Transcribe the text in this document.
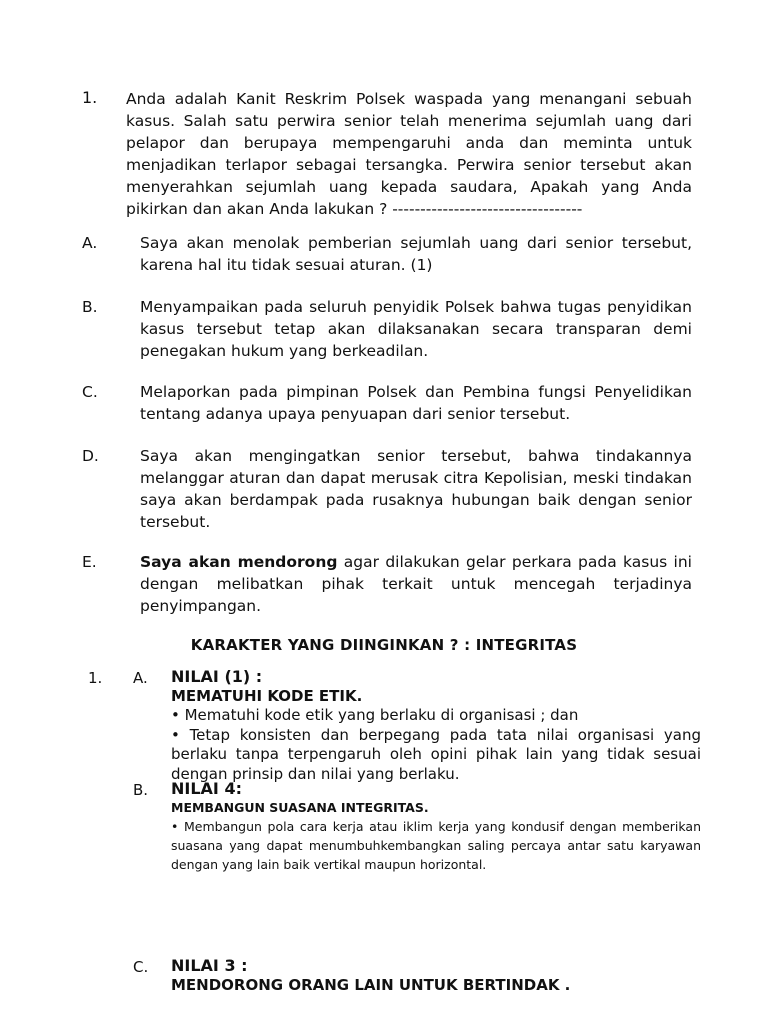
1. Anda adalah Kanit Reskrim Polsek waspada yang menangani sebuah kasus. Salah satu perwira senior telah menerima sejumlah uang dari pelapor dan berupaya mempengaruhi anda dan meminta untuk menjadikan terlapor sebagai tersangka. Perwira senior tersebut akan menyerahkan sejumlah uang kepada saudara, Apakah yang Anda pikirkan dan akan Anda lakukan ? ----------------------------------
A.	Saya akan menolak pemberian sejumlah uang dari senior tersebut, karena hal itu tidak sesuai aturan. (1)
B.	Menyampaikan pada seluruh penyidik Polsek bahwa tugas penyidikan kasus tersebut tetap akan dilaksanakan secara transparan demi penegakan hukum yang berkeadilan.
C.	Melaporkan pada pimpinan Polsek dan Pembina fungsi Penyelidikan tentang adanya upaya penyuapan dari senior tersebut.
D.	Saya akan mengingatkan senior tersebut, bahwa tindakannya melanggar aturan dan dapat merusak citra Kepolisian, meski tindakan saya akan berdampak pada rusaknya hubungan baik dengan senior tersebut.
E.	Saya akan mendorong agar dilakukan gelar perkara pada kasus ini dengan melibatkan pihak terkait untuk mencegah terjadinya penyimpangan.
KARAKTER YANG DIINGINKAN ? : INTEGRITAS
1. A. NILAI (1) :
MEMATUHI KODE ETIK.
• Mematuhi kode etik yang berlaku di organisasi ; dan
• Tetap konsisten dan berpegang pada tata nilai organisasi yang berlaku tanpa terpengaruh oleh opini pihak lain yang tidak sesuai dengan prinsip dan nilai yang berlaku.
B. NILAI 4:
MEMBANGUN SUASANA INTEGRITAS.
• Membangun pola cara kerja atau iklim kerja yang kondusif dengan memberikan suasana yang dapat menumbuhkembangkan saling percaya antar satu karyawan dengan yang lain baik vertikal maupun horizontal.
C. NILAI 3 :
MENDORONG ORANG LAIN UNTUK BERTINDAK .
